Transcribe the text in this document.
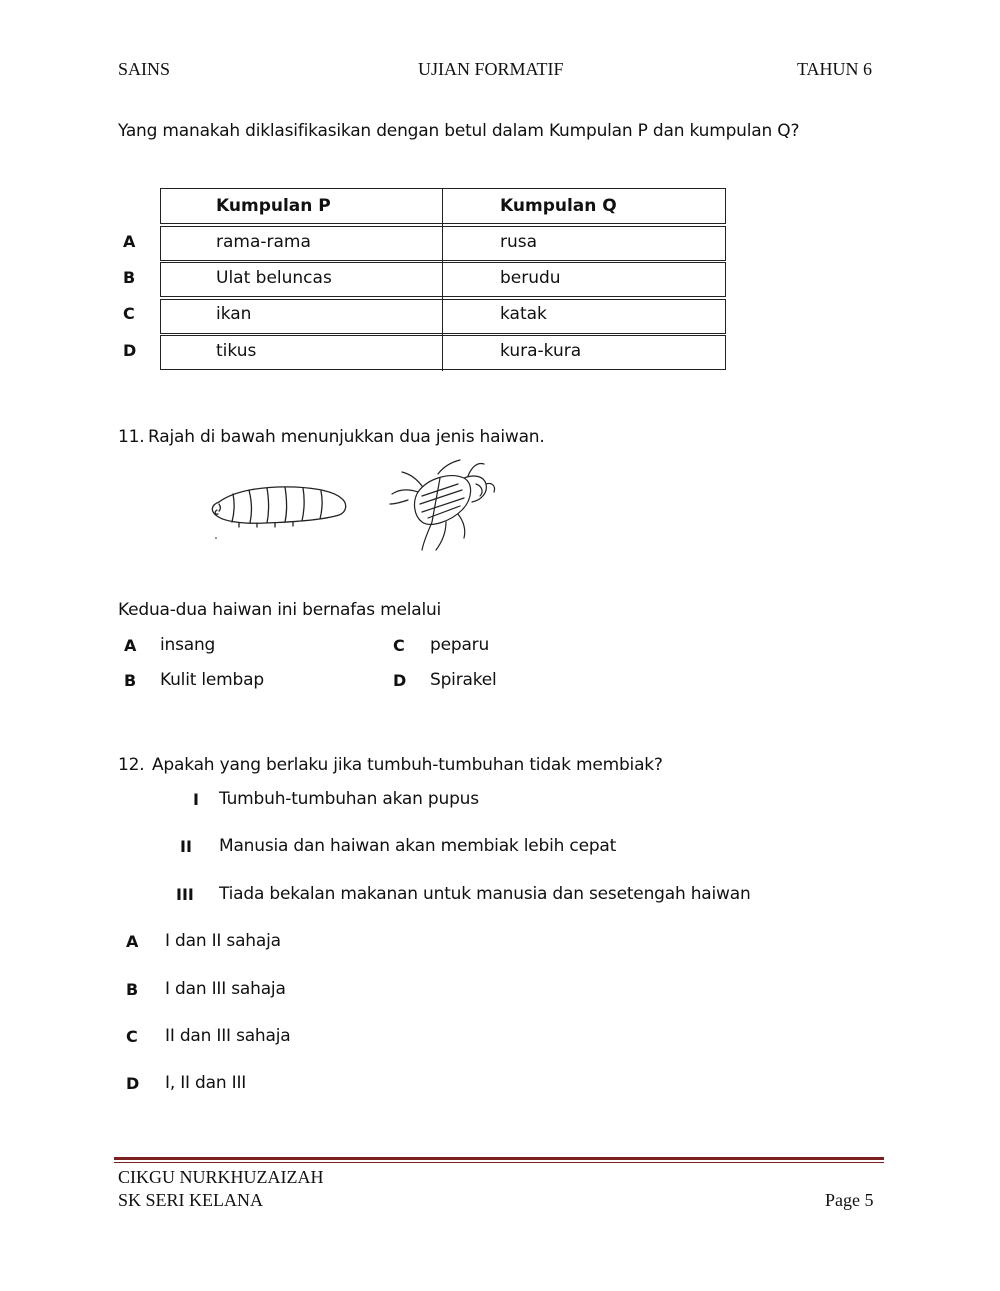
SAINS	UJIAN FORMATIF	TAHUN 6
Yang manakah diklasifikasikan dengan betul dalam Kumpulan P dan kumpulan Q?
Kumpulan P	Kumpulan Q
A	rama-rama	rusa
B	Ulat beluncas	berudu
C	ikan	katak
D	tikus	kura-kura
11. Rajah di bawah menunjukkan dua jenis haiwan.
Kedua-dua haiwan ini bernafas melalui
A insang	C peparu
B Kulit lembap	D Spirakel
12. Apakah yang berlaku jika tumbuh-tumbuhan tidak membiak?
I Tumbuh-tumbuhan akan pupus
II Manusia dan haiwan akan membiak lebih cepat
III Tiada bekalan makanan untuk manusia dan sesetengah haiwan
A I dan II sahaja
B I dan III sahaja
C II dan III sahaja
D I, II dan III
CIKGU NURKHUZAIZAH
SK SERI KELANA	Page 5
